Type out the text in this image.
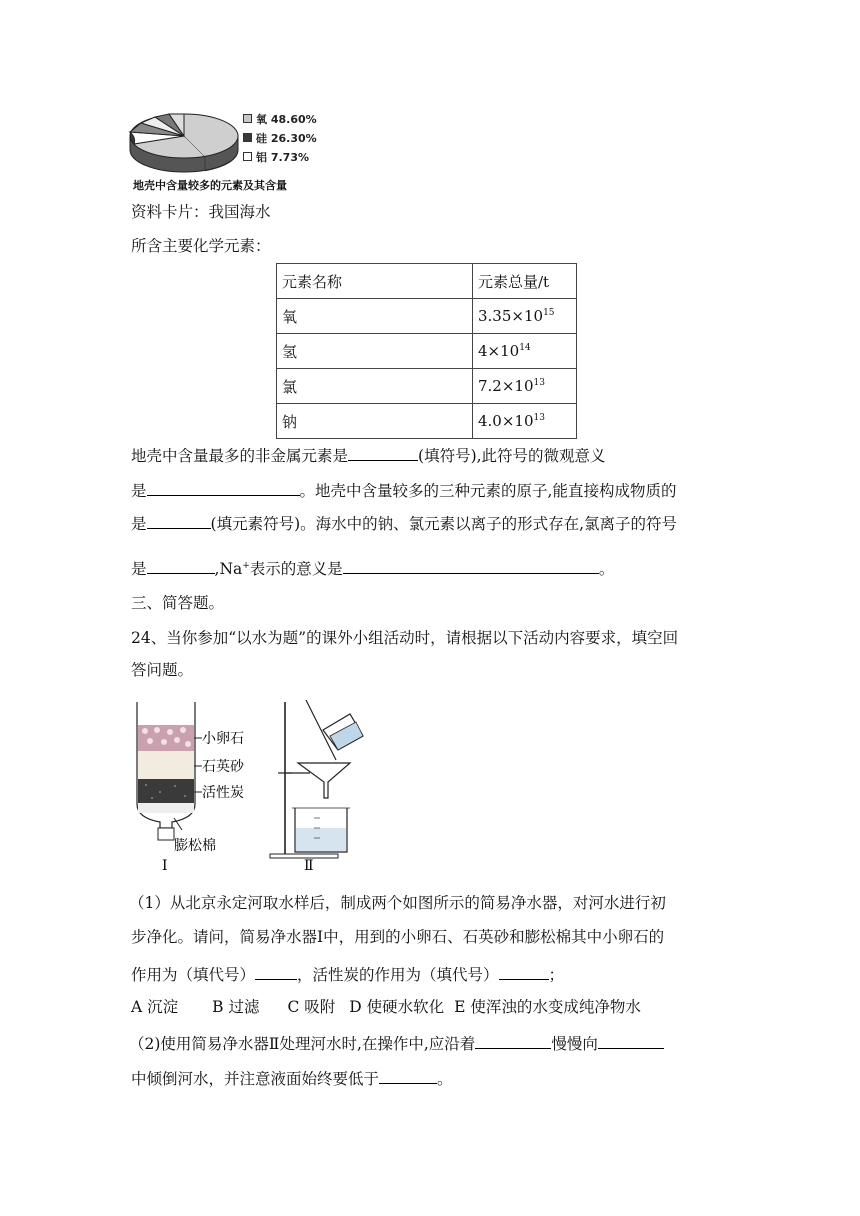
氧 48.60%
硅 26.30%
铝 7.73%
地壳中含量较多的元素及其含量
资料卡片：我国海水
所含主要化学元素：
元素名称	元素总量/t
氧	$3.35\times 10^{15}$
氢	$4\times 10^{14}$
氯	$7.2\times 10^{13}$
钠	$4.0\times 10^{13}$
地壳中含量最多的非金属元素是	(填符号),此符号的微观意义
是	。地壳中含量较多的三种元素的原子,能直接构成物质的
是	(填元素符号)。海水中的钠、氯元素以离子的形式存在,氯离子的符号
是	,Na+表示的意义是	。
三、简答题。
24、当你参加“以水为题”的课外小组活动时，请根据以下活动内容要求，填空回
答问题。
小卵石
石英砂
活性炭
膨松棉
Ⅰ	Ⅱ
（1）从北京永定河取水样后，制成两个如图所示的简易净水器，对河水进行初
步净化。请问，简易净水器Ⅰ中，用到的小卵石、石英砂和膨松棉其中小卵石的
作用为（填代号）	，活性炭的作用为（填代号）	；
A 沉淀 B 过滤 C 吸附 D 使硬水软化 E 使浑浊的水变成纯净物水
（2)使用简易净水器Ⅱ处理河水时,在操作中,应沿着	慢慢向
中倾倒河水，并注意液面始终要低于	。
